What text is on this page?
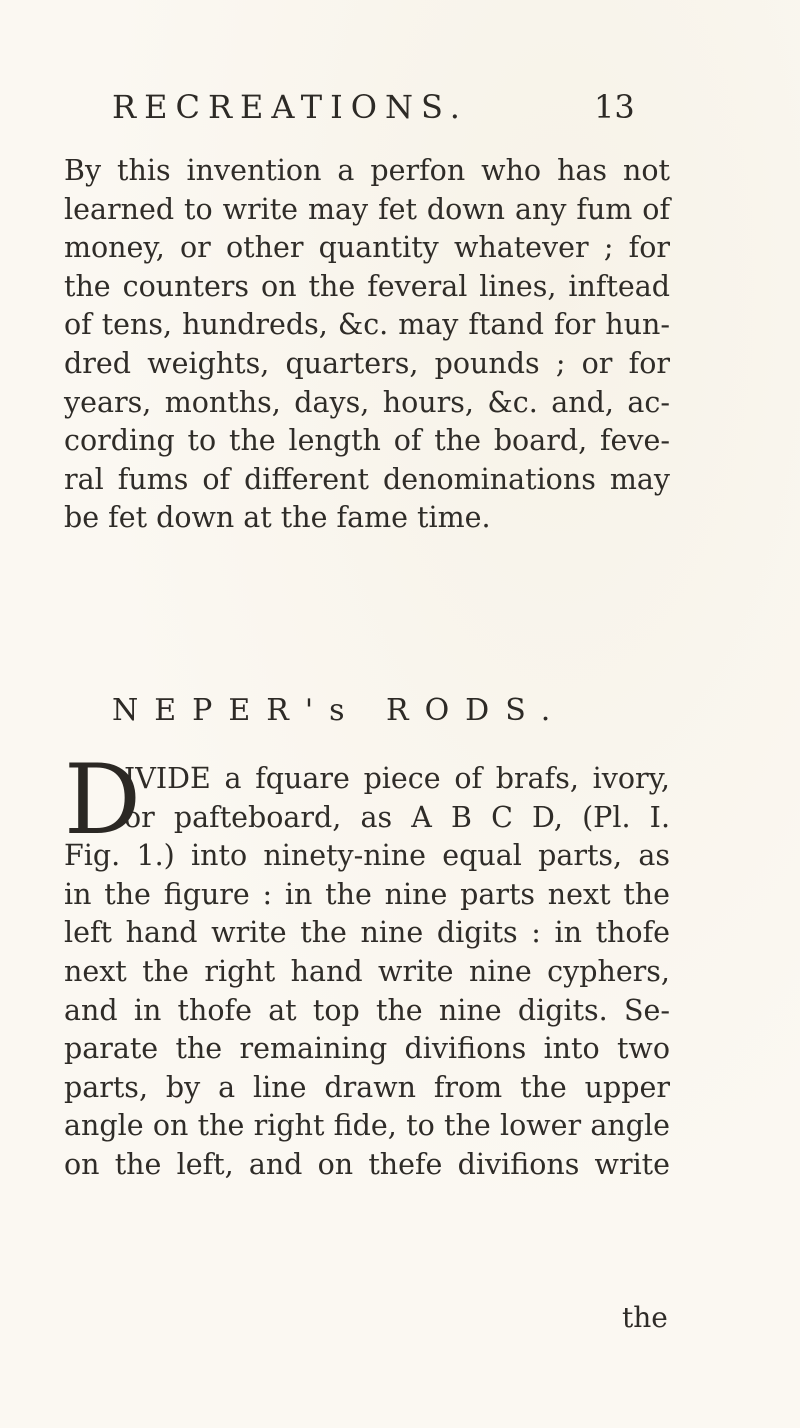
RECREATIONS.	13
By this invention a perfon who has not
learned to write may fet down any fum of
money, or other quantity whatever ; for
the counters on the feveral lines, inftead
of tens, hundreds, &c. may ftand for hun-
dred weights, quarters, pounds ; or for
years, months, days, hours, &c. and, ac-
cording to the length of the board, feve-
ral fums of different denominations may
be fet down at the fame time.
NEPER's RODS.
D
IVIDE a fquare piece of brafs, ivory,
or pafteboard, as A B C D, (Pl. I.
Fig. 1.) into ninety-nine equal parts, as
in the figure : in the nine parts next the
left hand write the nine digits : in thofe
next the right hand write nine cyphers,
and in thofe at top the nine digits. Se-
parate the remaining divifions into two
parts, by a line drawn from the upper
angle on the right fide, to the lower angle
on the left, and on thefe divifions write
the
